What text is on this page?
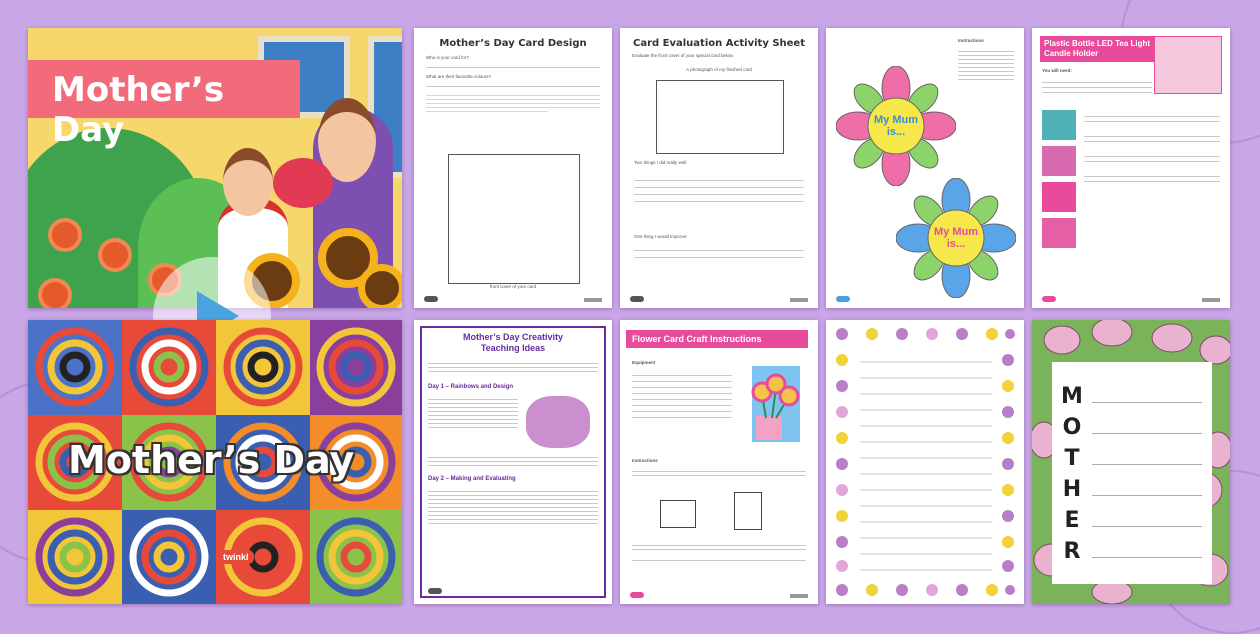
Mother’s Day
Mother’s Day
twinkl
Mother’s Day Card Design
Who is your card for?
What are their favourite colours?
front cover of your card
Card Evaluation Activity Sheet
Evaluate the front cover of your special card below.
A photograph of my finished card
Two things I did really well:
One thing I would improve:
Instructions
My Mum is...
My Mum is...
Plastic Bottle LED Tea Light Candle Holder
You will need:
Mother’s Day Creativity Teaching Ideas
Day 1 – Rainbows and Design
Day 2 – Making and Evaluating
Flower Card Craft Instructions
Equipment
Instructions
M
O
T
H
E
R
